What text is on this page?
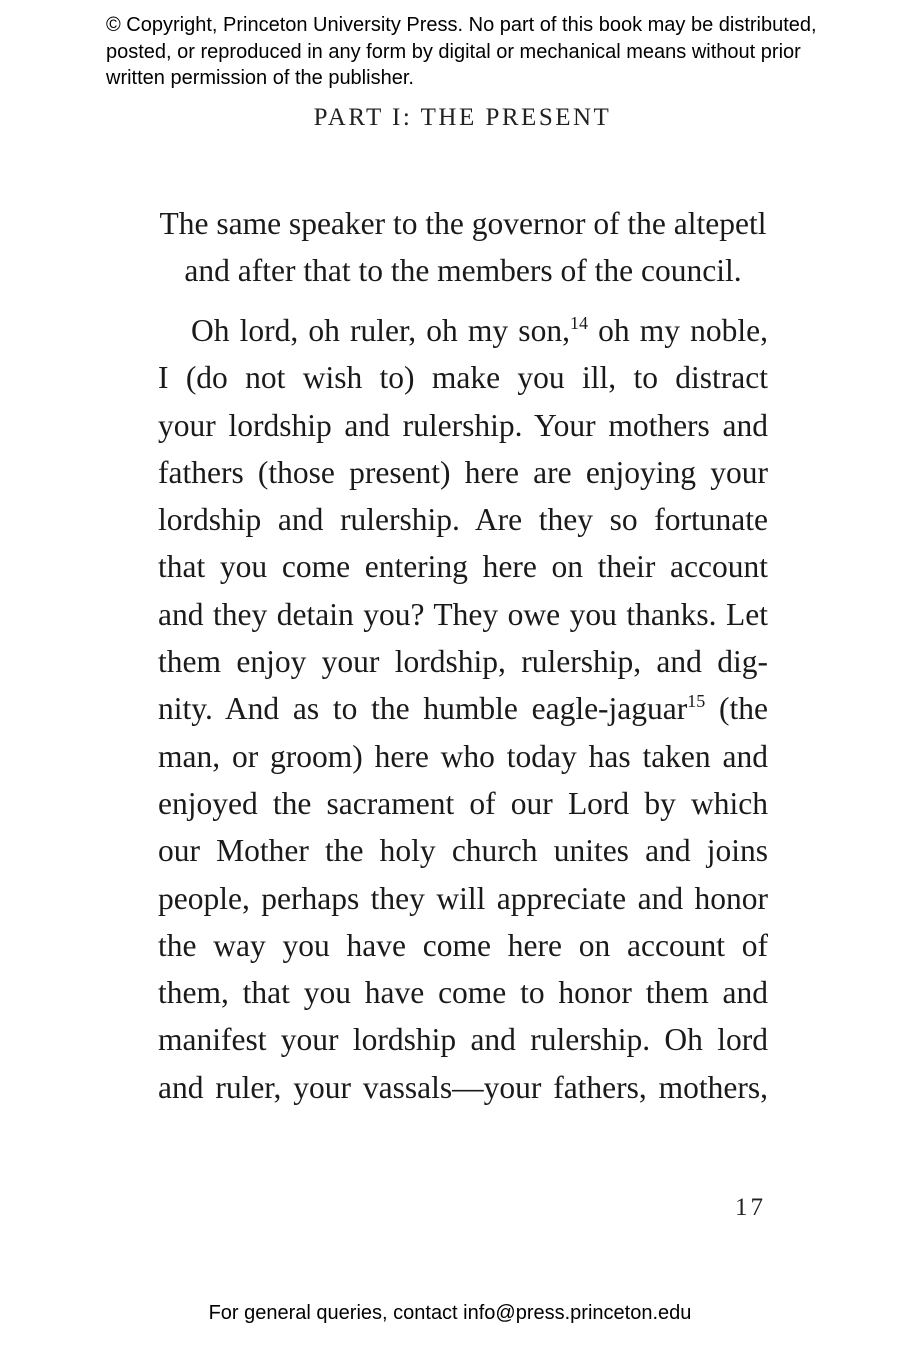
© Copyright, Princeton University Press. No part of this book may be distributed, posted, or reproduced in any form by digital or mechanical means without prior written permission of the publisher.
PART I: THE PRESENT
The same speaker to the governor of the altepetl
and after that to the members of the council.
Oh lord, oh ruler, oh my son,$^{14}$ oh my noble,
I (do not wish to) make you ill, to distract
your lordship and rulership. Your mothers and
fathers (those present) here are enjoying your
lordship and rulership. Are they so fortunate
that you come entering here on their account
and they detain you? They owe you thanks. Let
them enjoy your lordship, rulership, and dig-
nity. And as to the humble eagle-jaguar$^{15}$ (the
man, or groom) here who today has taken and
enjoyed the sacrament of our Lord by which
our Mother the holy church unites and joins
people, perhaps they will appreciate and honor
the way you have come here on account of
them, that you have come to honor them and
manifest your lordship and rulership. Oh lord
and ruler, your vassals—your fathers, mothers,
17
For general queries, contact info@press.princeton.edu
